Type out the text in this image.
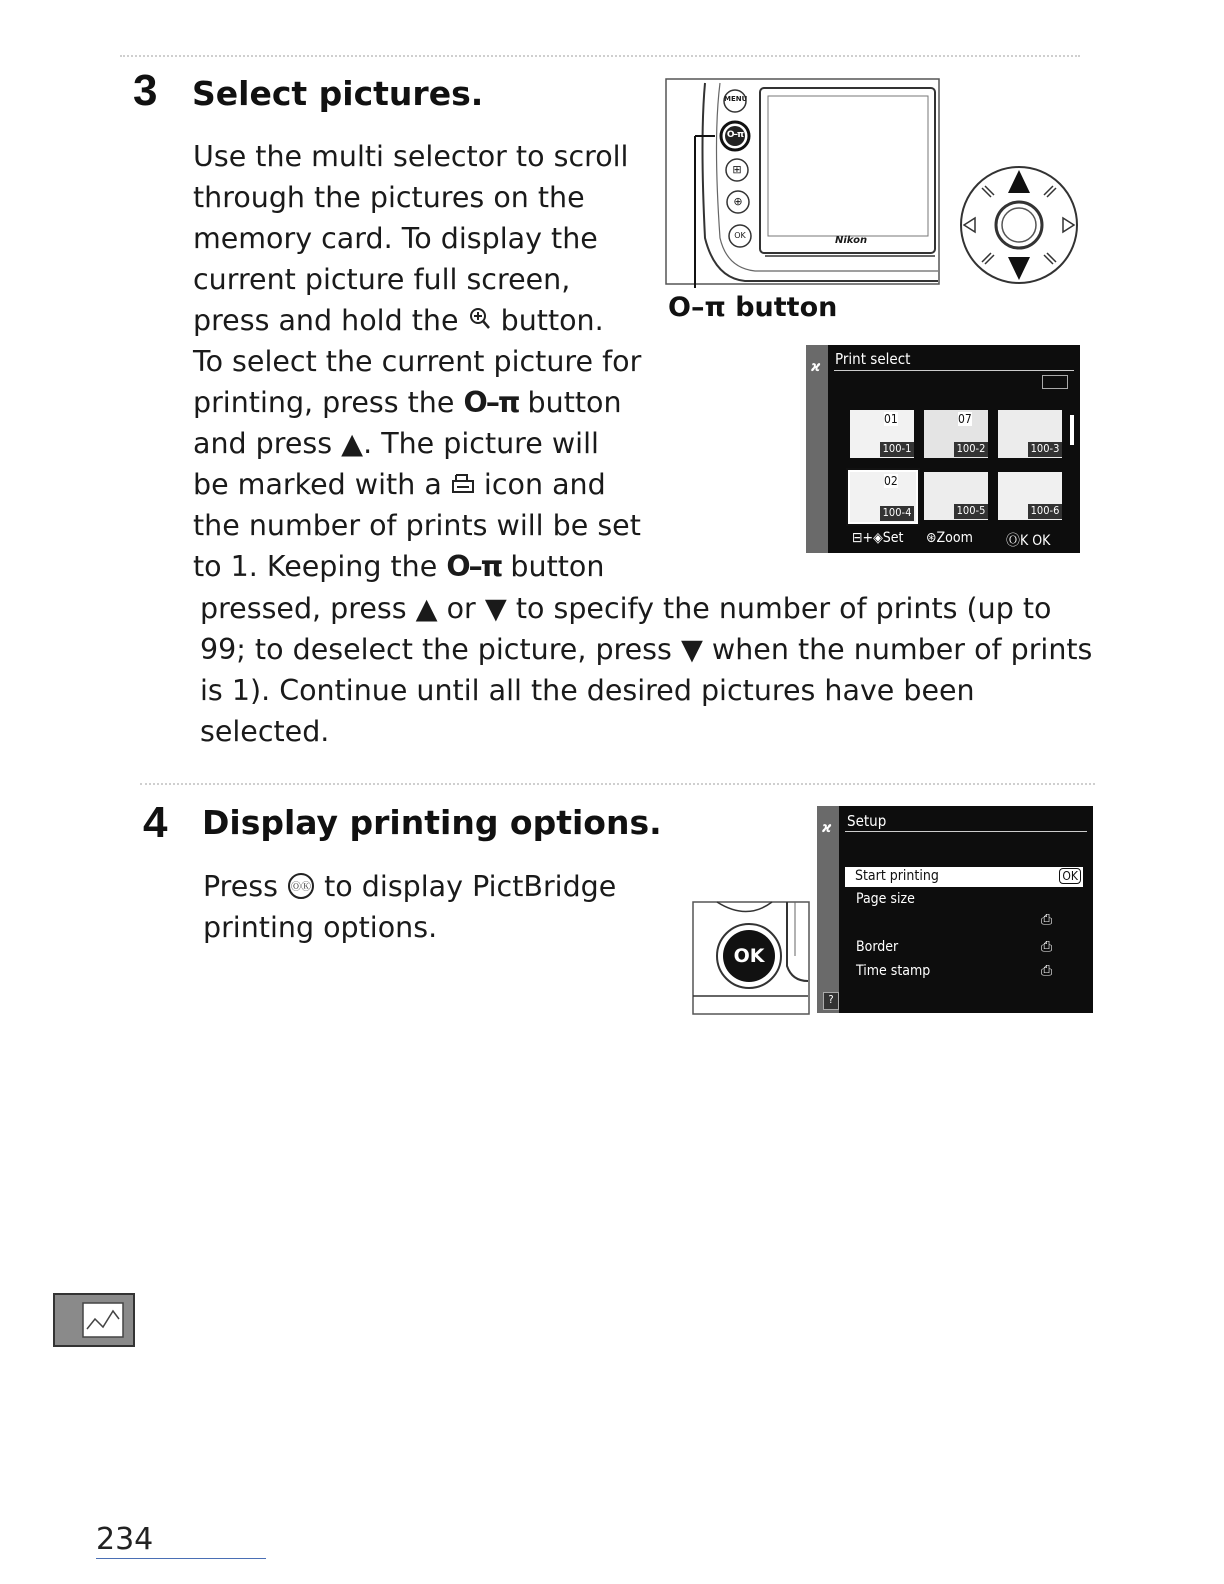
3 Select pictures.
Use the multi selector to scroll
through the pictures on the
memory card. To display the
current picture full screen,
press and hold the  button.
To select the current picture for
printing, press the O–π button
and press ▲. The picture will
be marked with a  icon and
the number of prints will be set
to 1. Keeping the O–π button
pressed, press ▲ or ▼ to specify the number of prints (up to
99; to deselect the picture, press ▼ when the number of prints
is 1). Continue until all the desired pictures have been
selected.
MENU
O–π
⊞
⊕
OK	Nikon
O–π button
ϰ Print select
01
100-1
07
100-2	100-3
02
100-4	100-5	100-6
⊟+◈Set ⊛Zoom ⓄK OK
4 Display printing options.
Press ⓄⓀ to display PictBridge
printing options.
OK
ϰ Setup
Start printing	OK
Page size
⎙
Border	⎙
Time stamp	⎙
?
234
